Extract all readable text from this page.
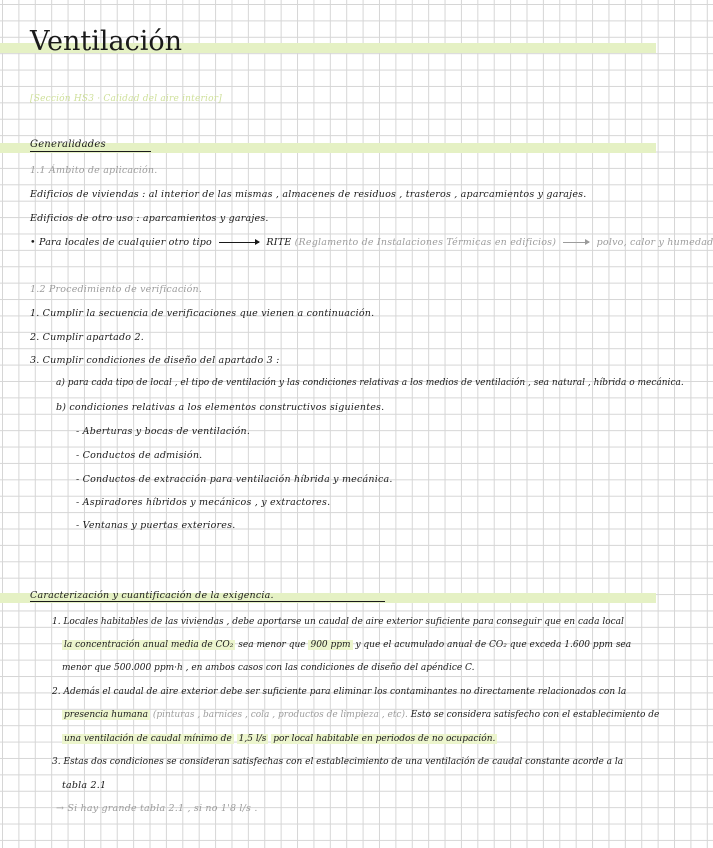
Ventilación
[Sección HS3 · Calidad del aire interior]
Generalidades
1.1 Ámbito de aplicación.
Edificios de viviendas : al interior de las mismas , almacenes de residuos , trasteros , aparcamientos y garajes.
Edificios de otro uso : aparcamientos y garajes.
• Para locales de cualquier otro tipo	RITE (Reglamento de Instalaciones Térmicas en edificios)	polvo, calor y humedad
1.2 Procedimiento de verificación.
1. Cumplir la secuencia de verificaciones que vienen a continuación.
2. Cumplir apartado 2.
3. Cumplir condiciones de diseño del apartado 3 :
a) para cada tipo de local , el tipo de ventilación y las condiciones relativas a los medios de ventilación , sea natural , híbrida o mecánica.
b) condiciones relativas a los elementos constructivos siguientes.
- Aberturas y bocas de ventilación.
- Conductos de admisión.
- Conductos de extracción para ventilación híbrida y mecánica.
- Aspiradores híbridos y mecánicos , y extractores.
- Ventanas y puertas exteriores.
Caracterización y cuantificación de la exigencia.
1. Locales habitables de las viviendas , debe aportarse un caudal de aire exterior suficiente para conseguir que en cada local
la concentración anual media de CO₂ sea menor que 900 ppm y que el acumulado anual de CO₂ que exceda 1.600 ppm sea
menor que 500.000 ppm·h , en ambos casos con las condiciones de diseño del apéndice C.
2. Además el caudal de aire exterior debe ser suficiente para eliminar los contaminantes no directamente relacionados con la
presencia humana (pinturas , barnices , cola , productos de limpieza , etc). Esto se considera satisfecho con el establecimiento de
una ventilación de caudal mínimo de 1,5 l/s por local habitable en periodos de no ocupación.
3. Estas dos condiciones se consideran satisfechas con el establecimiento de una ventilación de caudal constante acorde a la
tabla 2.1
→ Si hay grande tabla 2.1 , si no 1'8 l/s .
